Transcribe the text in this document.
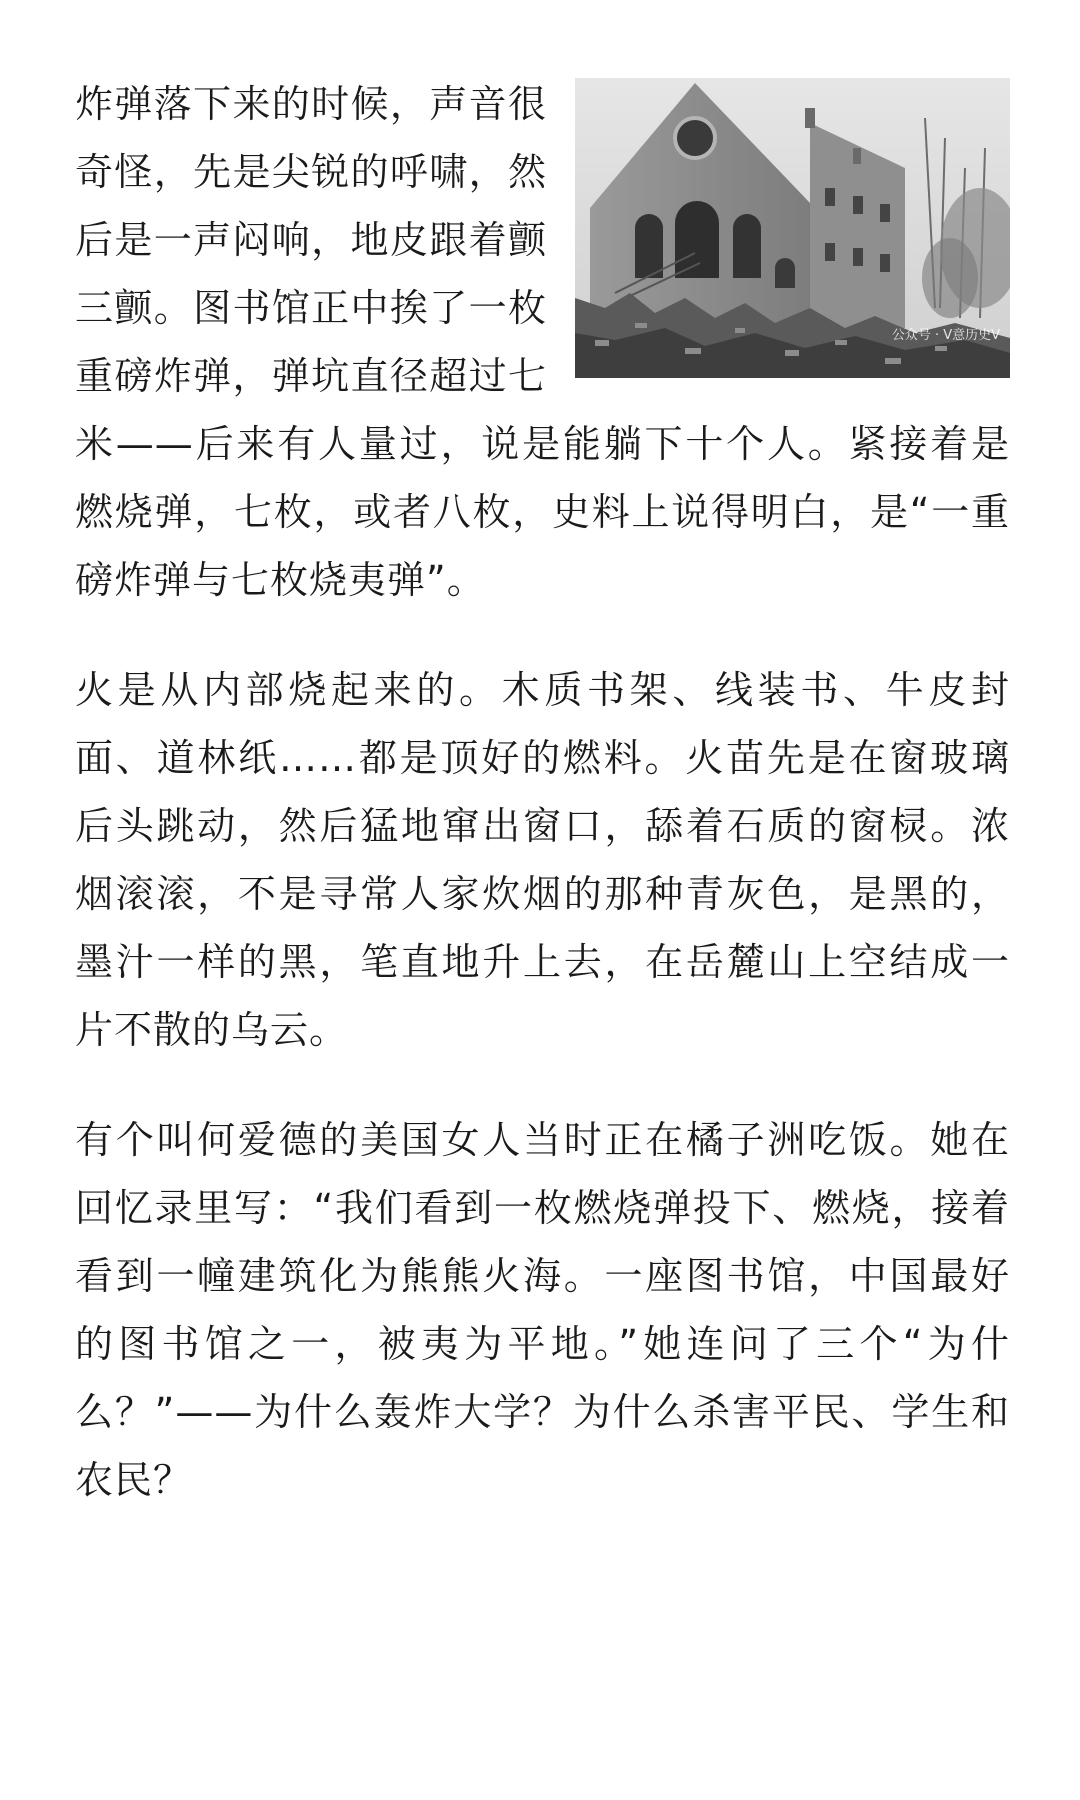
公众号 · V意历史V
炸弹落下来的时候，声音很奇怪，先是尖锐的呼啸，然后是一声闷响，地皮跟着颤三颤。图书馆正中挨了一枚重磅炸弹，弹坑直径超过七米——后来有人量过，说是能躺下十个人。紧接着是燃烧弹，七枚，或者八枚，史料上说得明白，是“一重磅炸弹与七枚烧夷弹”。

火是从内部烧起来的。木质书架、线装书、牛皮封面、道林纸……都是顶好的燃料。火苗先是在窗玻璃后头跳动，然后猛地窜出窗口，舔着石质的窗棂。浓烟滚滚，不是寻常人家炊烟的那种青灰色，是黑的，墨汁一样的黑，笔直地升上去，在岳麓山上空结成一片不散的乌云。

有个叫何爱德的美国女人当时正在橘子洲吃饭。她在回忆录里写：“我们看到一枚燃烧弹投下、燃烧，接着看到一幢建筑化为熊熊火海。一座图书馆，中国最好的图书馆之一，被夷为平地。”她连问了三个“为什么？”——为什么轰炸大学？为什么杀害平民、学生和农民？
